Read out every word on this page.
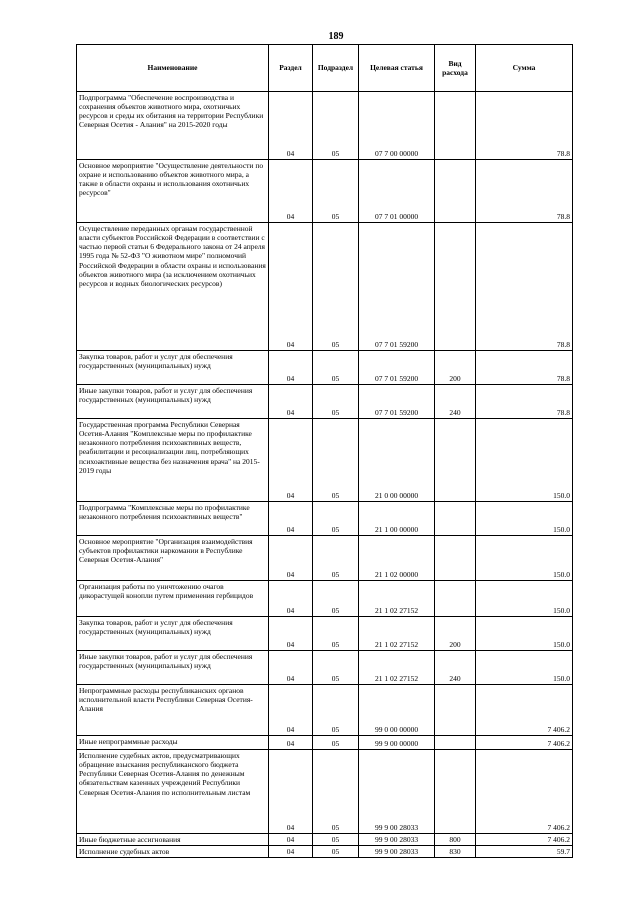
189
Наименование	Раздел	Подраздел	Целевая статья	Вид расхода	Сумма
Подпрограмма "Обеспечение воспроизводства и сохранения объектов животного мира, охотничьих ресурсов и среды их обитания на территории Республики Северная Осетия - Алания" на 2015-2020 годы	04	05	07 7 00 00000		78.8
Основное мероприятие "Осуществление деятельности по охране и использованию объектов животного мира, а также в области охраны и использования охотничьих ресурсов"	04	05	07 7 01 00000		78.8
Осуществление переданных органам государственной власти субъектов Российской Федерации в соответствии с частью первой статьи 6 Федерального закона от 24 апреля 1995 года № 52-ФЗ "О животном мире" полномочий Российской Федерации в области охраны и использования объектов животного мира (за исключением охотничьих ресурсов и водных биологических ресурсов)	04	05	07 7 01 59200		78.8
Закупка товаров, работ и услуг для обеспечения государственных (муниципальных) нужд	04	05	07 7 01 59200	200	78.8
Иные закупки товаров, работ и услуг для обеспечения государственных (муниципальных) нужд	04	05	07 7 01 59200	240	78.8
Государственная программа Республики Северная Осетия-Алания "Комплексные меры по профилактике незаконного потребления психоактивных веществ, реабилитации и ресоциализации лиц, потребляющих психоактивные вещества без назначения врача" на 2015-2019 годы	04	05	21 0 00 00000		150.0
Подпрограмма "Комплексные меры по профилактике незаконного потребления психоактивных веществ"	04	05	21 1 00 00000		150.0
Основное мероприятие "Организация взаимодействия субъектов профилактики наркомании в Республике Северная Осетия-Алания"	04	05	21 1 02 00000		150.0
Организация работы по уничтожению очагов дикорастущей конопли путем применения гербицидов	04	05	21 1 02 27152		150.0
Закупка товаров, работ и услуг для обеспечения государственных (муниципальных) нужд	04	05	21 1 02 27152	200	150.0
Иные закупки товаров, работ и услуг для обеспечения государственных (муниципальных) нужд	04	05	21 1 02 27152	240	150.0
Непрограммные расходы республиканских органов исполнительной власти Республики Северная Осетия-Алания	04	05	99 0 00 00000		7 406.2
Иные непрограммные расходы	04	05	99 9 00 00000		7 406.2
Исполнение судебных актов, предусматривающих обращение взыскания республиканского бюджета Республики Северная Осетия-Алания по денежным обязательствам казенных учреждений Республики Северная Осетия-Алания по исполнительным листам	04	05	99 9 00 28033		7 406.2
Иные бюджетные ассигнования	04	05	99 9 00 28033	800	7 406.2
Исполнение судебных актов	04	05	99 9 00 28033	830	59.7
